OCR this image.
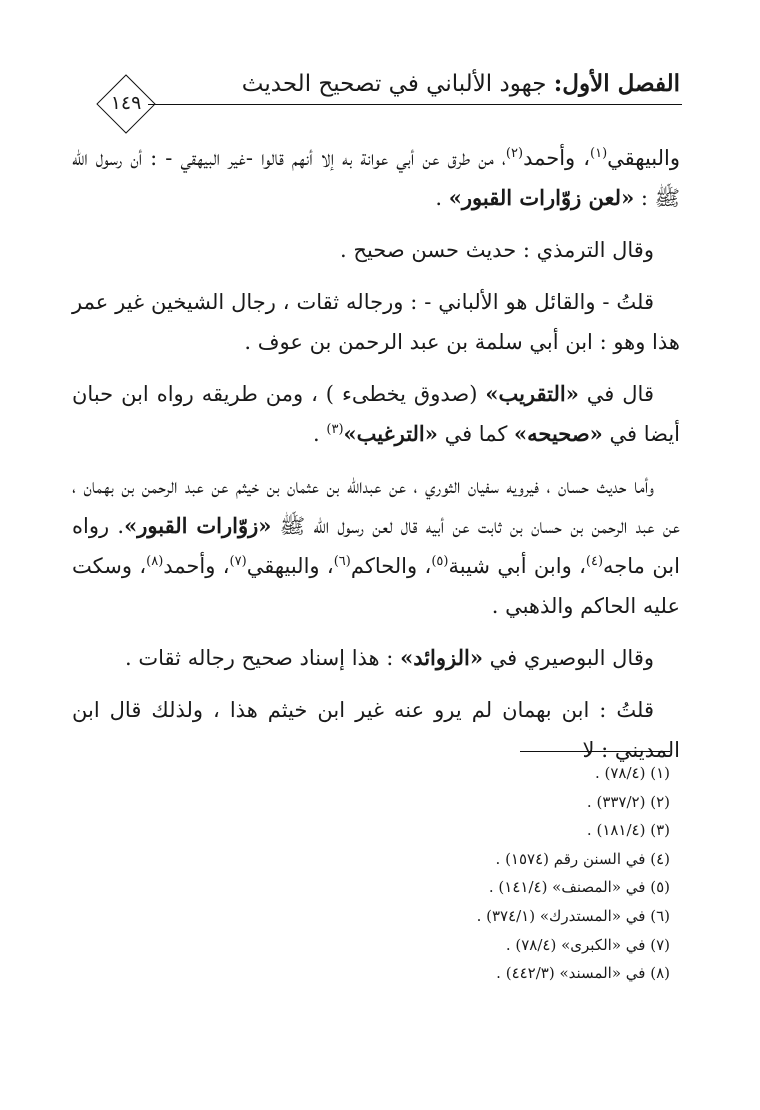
الفصل الأول: جهود الألباني في تصحيح الحديث
١٤٩

والبيهقي$^{(١)}$، وأحمد$^{(٢)}$، من طرق عن أبي عوانة به إلا أنهم قالوا -غير البيهقي - : أن رسول الله ﷺ : «لعن زوّارات القبور» .

وقال الترمذي : حديث حسن صحيح .

قلتُ - والقائل هو الألباني - : ورجاله ثقات ، رجال الشيخين غير عمر هذا وهو : ابن أبي سلمة بن عبد الرحمن بن عوف .

قال في «التقريب» (صدوق يخطىء ) ، ومن طريقه رواه ابن حبان أيضا في «صحيحه» كما في «الترغيب»$^{(٣)}$ .

وأما حديث حسان ، فيرويه سفيان الثوري ، عن عبدالله بن عثمان بن خيثم عن عبد الرحمن بن بهمان ، عن عبد الرحمن بن حسان بن ثابت عن أبيه قال لعن رسول الله ﷺ «زوّارات القبور». رواه ابن ماجه$^{(٤)}$، وابن أبي شيبة$^{(٥)}$، والحاكم$^{(٦)}$، والبيهقي$^{(٧)}$، وأحمد$^{(٨)}$، وسكت عليه الحاكم والذهبي .

وقال البوصيري في «الزوائد» : هذا إسناد صحيح رجاله ثقات .

قلتُ : ابن بهمان لم يرو عنه غير ابن خيثم هذا ، ولذلك قال ابن المديني : لا

(١) (٧٨/٤) .
(٢) (٣٣٧/٢) .
(٣) (١٨١/٤) .
(٤) في السنن رقم (١٥٧٤) .
(٥) في «المصنف» (١٤١/٤) .
(٦) في «المستدرك» (٣٧٤/١) .
(٧) في «الكبرى» (٧٨/٤) .
(٨) في «المسند» (٤٤٢/٣) .
